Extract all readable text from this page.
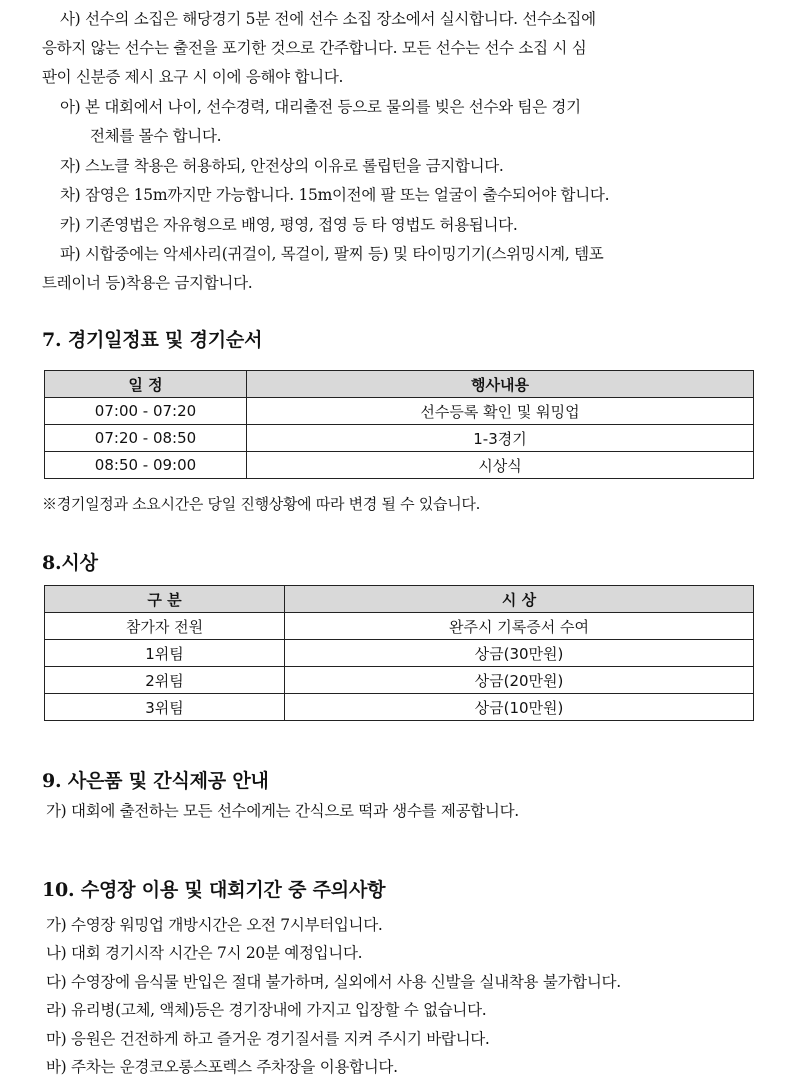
사) 선수의 소집은 해당경기 5분 전에 선수 소집 장소에서 실시합니다. 선수소집에
응하지 않는 선수는 출전을 포기한 것으로 간주합니다. 모든 선수는 선수 소집 시 심
판이 신분증 제시 요구 시 이에 응해야 합니다.
아) 본 대회에서 나이, 선수경력, 대리출전 등으로 물의를 빚은 선수와 팀은 경기
전체를 몰수 합니다.
자) 스노클 착용은 허용하되, 안전상의 이유로 롤립턴을 금지합니다.
차) 잠영은 15m까지만 가능합니다. 15m이전에 팔 또는 얼굴이 출수되어야 합니다.
카) 기존영법은 자유형으로 배영, 평영, 접영 등 타 영법도 허용됩니다.
파) 시합중에는 악세사리(귀걸이, 목걸이, 팔찌 등) 및 타이밍기기(스위밍시계, 템포
트레이너 등)착용은 금지합니다.
7. 경기일정표 및 경기순서
일 정	행사내용
07:00 - 07:20	선수등록 확인 및 워밍업
07:20 - 08:50	1-3경기
08:50 - 09:00	시상식
※경기일정과 소요시간은 당일 진행상황에 따라 변경 될 수 있습니다.
8.시상
구 분	시 상
참가자 전원	완주시 기록증서 수여
1위팀	상금(30만원)
2위팀	상금(20만원)
3위팀	상금(10만원)
9. 사은품 및 간식제공 안내
가) 대회에 출전하는 모든 선수에게는 간식으로 떡과 생수를 제공합니다.
10. 수영장 이용 및 대회기간 중 주의사항
가) 수영장 워밍업 개방시간은 오전 7시부터입니다.
나) 대회 경기시작 시간은 7시 20분 예정입니다.
다) 수영장에 음식물 반입은 절대 불가하며, 실외에서 사용 신발을 실내착용 불가합니다.
라) 유리병(고체, 액체)등은 경기장내에 가지고 입장할 수 없습니다.
마) 응원은 건전하게 하고 즐거운 경기질서를 지켜 주시기 바랍니다.
바) 주차는 운경코오롱스포렉스 주차장을 이용합니다.
